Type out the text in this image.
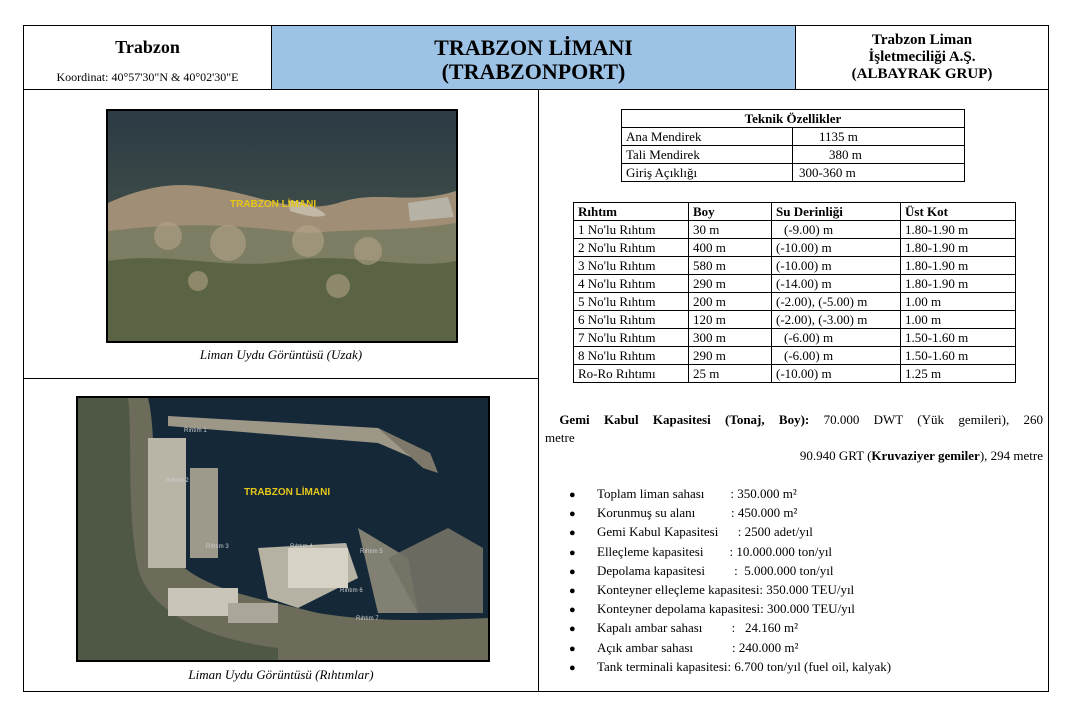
Trabzon
Koordinat: 40°57'30"N & 40°02'30"E
TRABZON LİMANI
(TRABZONPORT)
Trabzon Liman
İşletmeciliği A.Ş.
(ALBAYRAK GRUP)
TRABZON LİMANI
Liman Uydu Görüntüsü (Uzak)
Rıhtım 1
Rıhtım 2
Rıhtım 3	Rıhtım 4
Rıhtım 5
Rıhtım 6
Rıhtım 7
TRABZON LİMANI
Liman Uydu Görüntüsü (Rıhtımlar)
Teknik Özellikler	
Ana Mendirek	1135 m
Tali Mendirek	380 m
Giriş Açıklığı	300-360 m
Rıhtım	Boy	Su Derinliği	Üst Kot
1 No'lu Rıhtım	30 m	(-9.00) m	1.80-1.90 m
2 No'lu Rıhtım	400 m	(-10.00) m	1.80-1.90 m
3 No'lu Rıhtım	580 m	(-10.00) m	1.80-1.90 m
4 No'lu Rıhtım	290 m	(-14.00) m	1.80-1.90 m
5 No'lu Rıhtım	200 m	(-2.00), (-5.00) m	1.00 m
6 No'lu Rıhtım	120 m	(-2.00), (-3.00) m	1.00 m
7 No'lu Rıhtım	300 m	(-6.00) m	1.50-1.60 m
8 No'lu Rıhtım	290 m	(-6.00) m	1.50-1.60 m
Ro-Ro Rıhtımı	25 m	(-10.00) m	1.25 m
Gemi Kabul Kapasitesi (Tonaj, Boy): 70.000 DWT (Yük gemileri), 260
metre
90.940 GRT (Kruvaziyer gemiler), 294 metre
● Toplam liman sahası        : 350.000 m²
● Korunmuş su alanı           : 450.000 m²
● Gemi Kabul Kapasitesi      : 2500 adet/yıl
● Elleçleme kapasitesi        : 10.000.000 ton/yıl
● Depolama kapasitesi         :  5.000.000 ton/yıl
● Konteyner elleçleme kapasitesi: 350.000 TEU/yıl
● Konteyner depolama kapasitesi: 300.000 TEU/yıl
● Kapalı ambar sahası         :   24.160 m²
● Açık ambar sahası            : 240.000 m²
● Tank terminali kapasitesi: 6.700 ton/yıl (fuel oil, kalyak)
